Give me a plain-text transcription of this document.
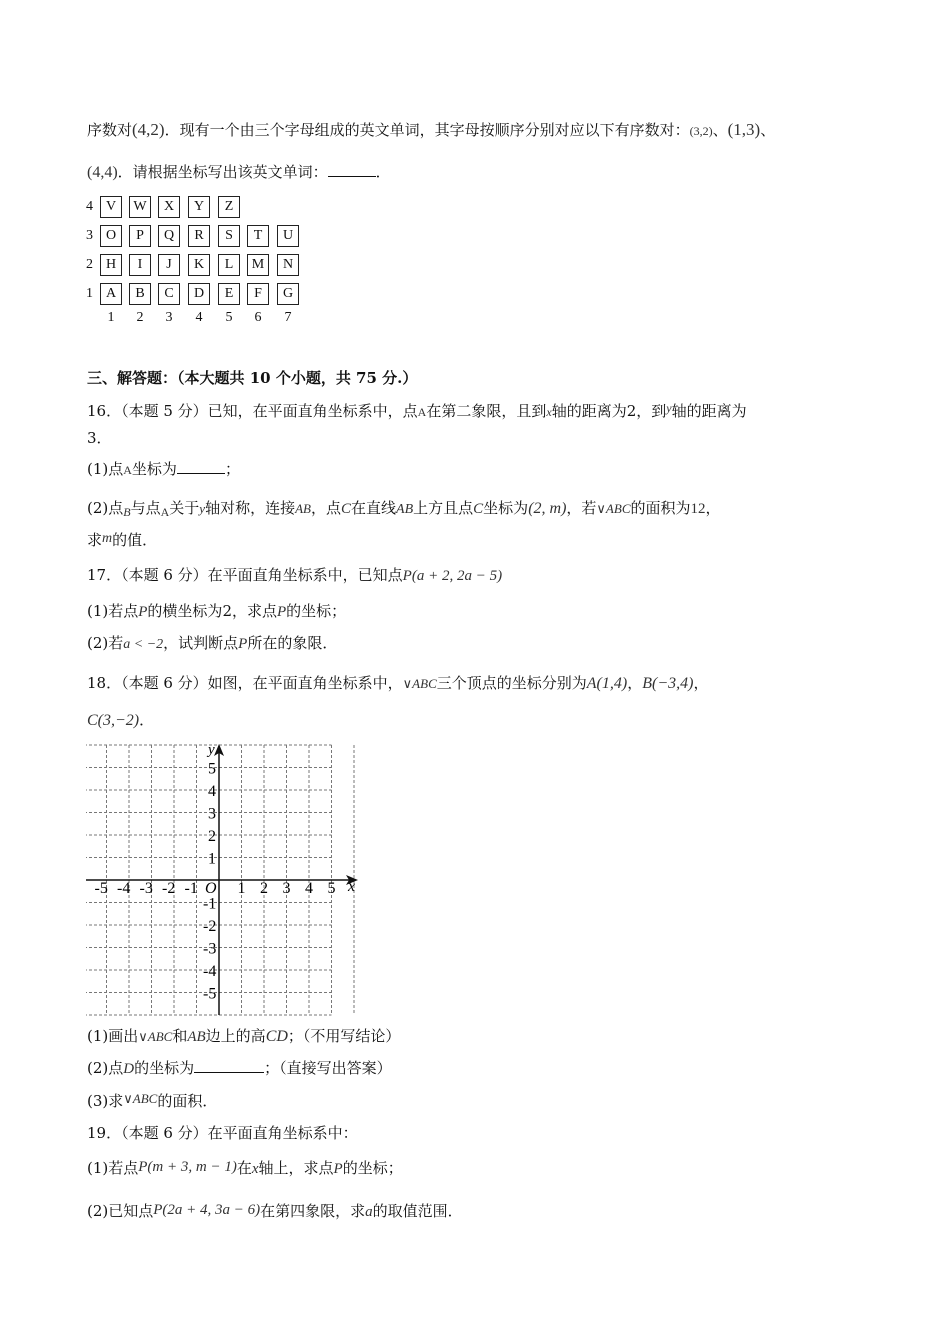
序数对(4,2)．现有一个由三个字母组成的英文单词，其字母按顺序分别对应以下有序数对：(3,2)、(1,3)、
(4,4)．请根据坐标写出该英文单词：	．
4 V	W	X	Y	Z
3 O	P	Q	R	S	T	U
2 H	I	J	K	L	M	N
1 A	B	C	D	E	F	G
1	2	3	4	5	6	7
三、解答题：（本大题共 10 个小题，共 75 分.）
16．（本题 5 分）已知，在平面直角坐标系中，点A在第二象限，且到x轴的距离为2，到$^y$轴的距离为
3．
(1)点A坐标为	；
(2)点$_B$与点$_A$关于y轴对称，连接AB，点C在直线AB上方且点C坐标为(2, m)，若∨ABC的面积为12，
求m的值．
17．（本题 6 分）在平面直角坐标系中，已知点P(a + 2, 2a − 5)
(1)若点P的横坐标为2，求点P的坐标；
(2)若a < −2，试判断点P所在的象限．
18．（本题 6 分）如图，在平面直角坐标系中，∨ABC三个顶点的坐标分别为A(1,4)，B(−3,4)，
C(3,−2)．
x
y
O
-5 -4 -3 -2 -1 1 2 3 4 5
5
4
3
2
1
-1
-2
-3
-4
-5
(1)画出∨ABC和AB边上的高CD；（不用写结论）
(2)点D的坐标为	；（直接写出答案）
(3)求∨ABC的面积．
19．（本题 6 分）在平面直角坐标系中：
(1)若点P(m + 3, m − 1)在x轴上，求点P的坐标；
(2)已知点P(2a + 4, 3a − 6)在第四象限，求a的取值范围．
